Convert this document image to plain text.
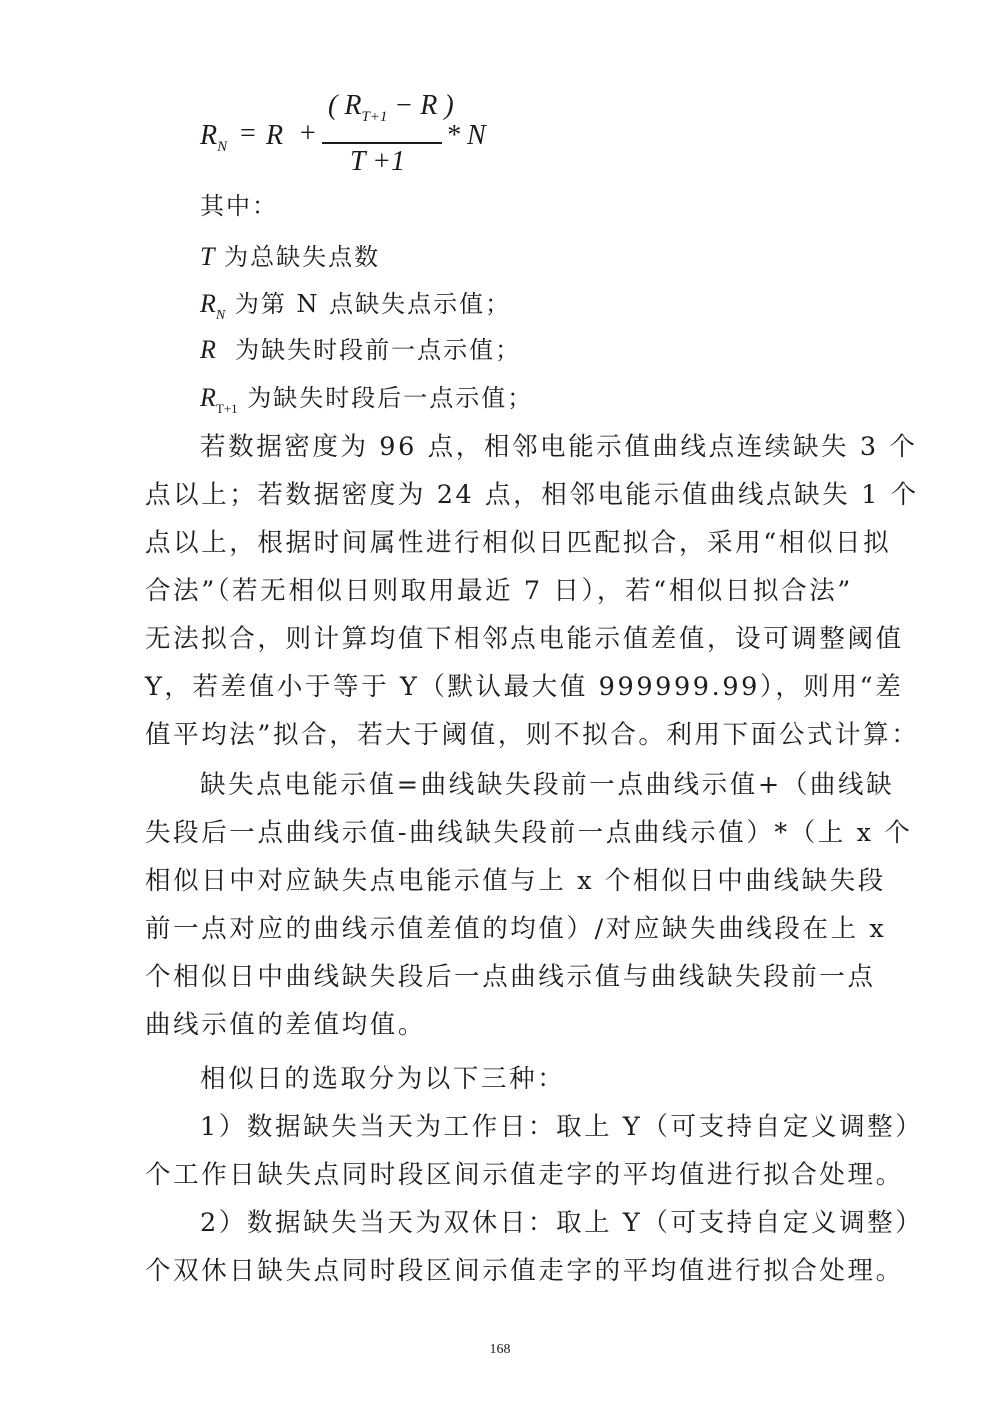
$R_N = R$ +
( $R_{T+1} - R$ )
T +1
* N
其中：
T 为总缺失点数
$R_N$ 为第 N 点缺失点示值；
R 为缺失时段前一点示值；
$R_{T+1}$ 为缺失时段后一点示值；
若数据密度为 96 点，相邻电能示值曲线点连续缺失 3 个
点以上；若数据密度为 24 点，相邻电能示值曲线点缺失 1 个
点以上，根据时间属性进行相似日匹配拟合，采用“相似日拟
合法”（若无相似日则取用最近 7 日），若“相似日拟合法”
无法拟合，则计算均值下相邻点电能示值差值，设可调整阈值
Y，若差值小于等于 Y（默认最大值 999999.99），则用“差
值平均法”拟合，若大于阈值，则不拟合。利用下面公式计算：
缺失点电能示值=曲线缺失段前一点曲线示值+（曲线缺
失段后一点曲线示值-曲线缺失段前一点曲线示值）*（上 x 个
相似日中对应缺失点电能示值与上 x 个相似日中曲线缺失段
前一点对应的曲线示值差值的均值）/对应缺失曲线段在上 x
个相似日中曲线缺失段后一点曲线示值与曲线缺失段前一点
曲线示值的差值均值。
相似日的选取分为以下三种：
1）数据缺失当天为工作日：取上 Y（可支持自定义调整）
个工作日缺失点同时段区间示值走字的平均值进行拟合处理。
2）数据缺失当天为双休日：取上 Y（可支持自定义调整）
个双休日缺失点同时段区间示值走字的平均值进行拟合处理。
168
